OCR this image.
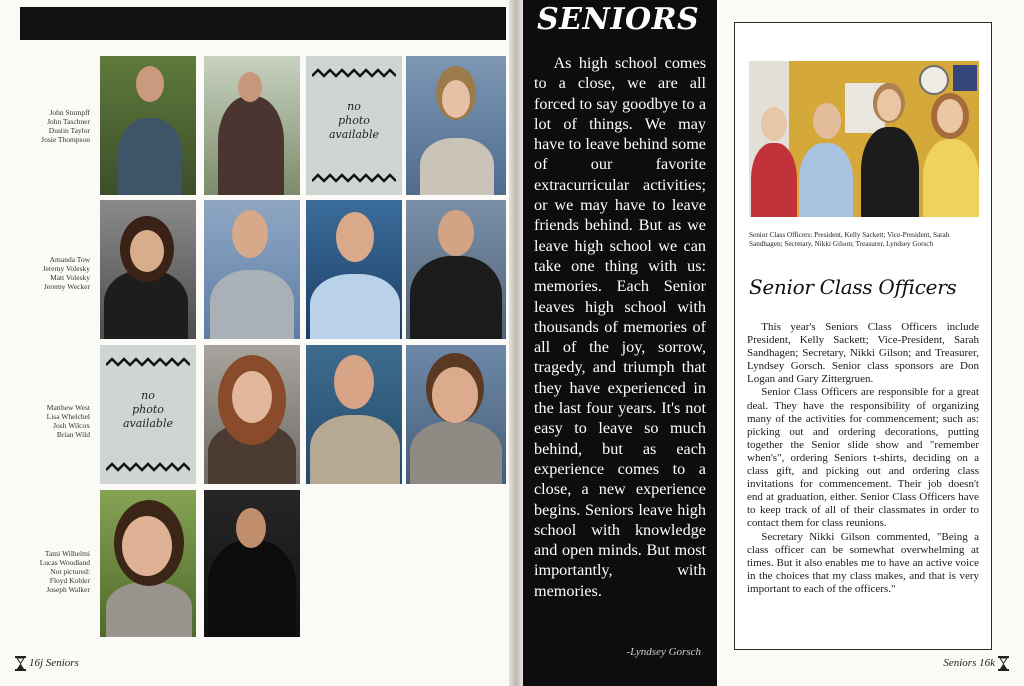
John Stumpff
John Taschner
Dustin Taylor
Josie Thompson
Amanda Tow
Jeremy Volesky
Matt Volesky
Jeremy Wecker
Matthew West
Lisa Whelchel
Josh Wilcox
Brian Wild
Tami Wilhelmi
Lucas Woodland
Not pictured:
Floyd Kobler
Joseph Walker
no
photo
available
no
photo
available
16j Seniors
SENIORS
As high school comes to a close, we are all forced to say goodbye to a lot of things. We may have to leave behind some of our favorite extracurricular activities; or we may have to leave friends behind. But as we leave high school we can take one thing with us: memories. Each Senior leaves high school with thousands of memories of all of the joy, sorrow, tragedy, and triumph that they have experienced in the last four years. It's not easy to leave so much behind, but as each experience comes to a close, a new experience begins. Seniors leave high school with knowledge and open minds. But most importantly, with memories.
-Lyndsey Gorsch
Senior Class Officers: President, Kelly Sackett; Vice-President, Sarah Sandhagen; Secretary, Nikki Gilson; Treasurer, Lyndsey Gorsch
Senior Class Officers

This year's Seniors Class Officers include President, Kelly Sackett; Vice-President, Sarah Sandhagen; Secretary, Nikki Gilson; and Treasurer, Lyndsey Gorsch. Senior class sponsors are Don Logan and Gary Zittergruen.

Senior Class Officers are responsible for a great deal. They have the responsibility of organizing many of the activities for commencement; such as: picking out and ordering decorations, putting together the Senior slide show and "remember when's", ordering Seniors t-shirts, deciding on a class gift, and picking out and ordering class invitations for commencement. Their job doesn't end at graduation, either. Senior Class Officers have to keep track of all of their classmates in order to contact them for class reunions.

Secretary Nikki Gilson commented, "Being a class officer can be somewhat overwhelming at times. But it also enables me to have an active voice in the choices that my class makes, and that is very important to each of the officers."

Seniors 16k
